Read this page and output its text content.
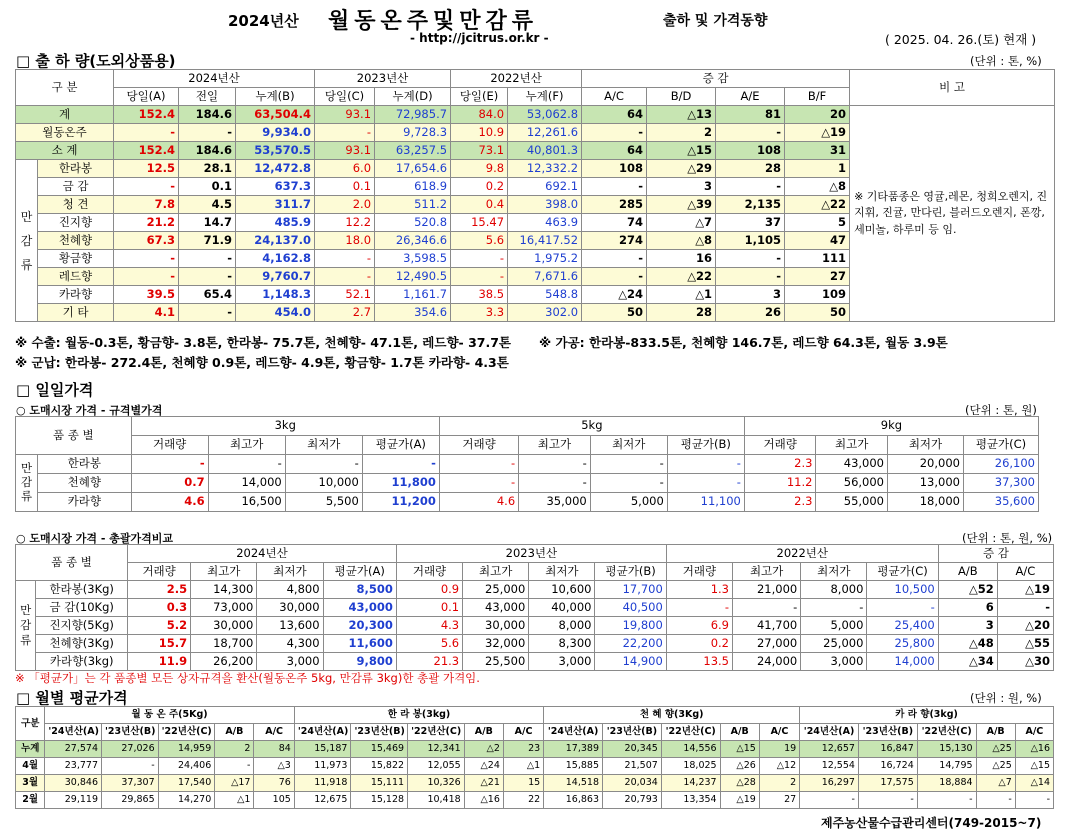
2024년산 월동온주및만감류	출하 및 가격동향
- http://jcitrus.or.kr -	( 2025. 04. 26.(토) 현재 )
□ 출 하 량(도외상품용)	(단위 : 톤, %)
구 분		2024년산			2023년산		2022년산		증 감				비 고
		당일(A)	전일	누계(B)	당일(C)	누계(D)	당일(E)	누계(F)	A/C	B/D	A/E	B/F	
계		152.4	184.6	63,504.4	93.1	72,985.7	84.0	53,062.8	64	△13	81	20	※ 기타품종은 영귤,레몬, 청희오렌지, 진지휘, 진귤, 만다린, 블러드오렌지, 폰깡,세미놀, 하루미 등 임.
월동온주		-	-	9,934.0	-	9,728.3	10.9	12,261.6	-	2	-	△19	
소 계		152.4	184.6	53,570.5	93.1	63,257.5	73.1	40,801.3	64	△15	108	31	
만

감

류	한라봉	12.5	28.1	12,472.8	6.0	17,654.6	9.8	12,332.2	108	△29	28	1	
	금 감	-	0.1	637.3	0.1	618.9	0.2	692.1	-	3	-	△8	
	청 견	7.8	4.5	311.7	2.0	511.2	0.4	398.0	285	△39	2,135	△22	
	진지향	21.2	14.7	485.9	12.2	520.8	15.47	463.9	74	△7	37	5	
	천혜향	67.3	71.9	24,137.0	18.0	26,346.6	5.6	16,417.52	274	△8	1,105	47	
	황금향	-	-	4,162.8	-	3,598.5	-	1,975.2	-	16	-	111	
	레드향	-	-	9,760.7	-	12,490.5	-	7,671.6	-	△22	-	27	
	카라향	39.5	65.4	1,148.3	52.1	1,161.7	38.5	548.8	△24	△1	3	109	
	기 타	4.1	-	454.0	2.7	354.6	3.3	302.0	50	28	26	50	
※ 수출: 월동-0.3톤, 황금향- 3.8톤, 한라봉- 75.7톤, 천혜향- 47.1톤, 레드향- 37.7톤 ※ 가공: 한라봉-833.5톤, 천혜향 146.7톤, 레드향 64.3톤, 월동 3.9톤
※ 군납: 한라봉- 272.4톤, 천혜향 0.9톤, 레드향- 4.9톤, 황금향- 1.7톤 카라향- 4.3톤
□ 일일가격
○ 도매시장 가격 - 규격별가격	(단위 : 톤, 원)
품 종 별		3kg				5kg				9kg			
		거래량	최고가	최저가	평균가(A)	거래량	최고가	최저가	평균가(B)	거래량	최고가	최저가	평균가(C)
만
감
류	한라봉	-	-	-	-	-	-	-	-	2.3	43,000	20,000	26,100
	천혜향	0.7	14,000	10,000	11,800	-	-	-	-	11.2	56,000	13,000	37,300
	카라향	4.6	16,500	5,500	11,200	4.6	35,000	5,000	11,100	2.3	55,000	18,000	35,600
○ 도매시장 가격 - 총괄가격비교	(단위 : 톤, 원, %)
품 종 별		2024년산				2023년산				2022년산				증 감	
		거래량	최고가	최저가	평균가(A)	거래량	최고가	최저가	평균가(B)	거래량	최고가	최저가	평균가(C)	A/B	A/C
만
감
류	한라봉(3Kg)	2.5	14,300	4,800	8,500	0.9	25,000	10,600	17,700	1.3	21,000	8,000	10,500	△52	△19
	금 감(10Kg)	0.3	73,000	30,000	43,000	0.1	43,000	40,000	40,500	-	-	-	-	6	-
	진지향(5Kg)	5.2	30,000	13,600	20,300	4.3	30,000	8,000	19,800	6.9	41,700	5,000	25,400	3	△20
	천혜향(3Kg)	15.7	18,700	4,300	11,600	5.6	32,000	8,300	22,200	0.2	27,000	25,000	25,800	△48	△55
	카라향(3kg)	11.9	26,200	3,000	9,800	21.3	25,500	3,000	14,900	13.5	24,000	3,000	14,000	△34	△30
※ 「평균가」는 각 품종별 모든 상자규격을 환산(월동온주 5kg, 만감류 3kg)한 총괄 가격임.
□ 월별 평균가격	(단위 : 원, %)
구분	월 동 온 주(5Kg)					한 라 봉(3kg)					천 혜 향(3Kg)					카 라 향(3kg)				
	'24년산(A)	'23년산(B)	'22년산(C)	A/B	A/C	'24년산(A)	'23년산(B)	'22년산(C)	A/B	A/C	'24년산(A)	'23년산(B)	'22년산(C)	A/B	A/C	'24년산(A)	'23년산(B)	'22년산(C)	A/B	A/C
누계	27,574	27,026	14,959	2	84	15,187	15,469	12,341	△2	23	17,389	20,345	14,556	△15	19	12,657	16,847	15,130	△25	△16
4월	23,777	-	24,406	-	△3	11,973	15,822	12,055	△24	△1	15,885	21,507	18,025	△26	△12	12,554	16,724	14,795	△25	△15
3월	30,846	37,307	17,540	△17	76	11,918	15,111	10,326	△21	15	14,518	20,034	14,237	△28	2	16,297	17,575	18,884	△7	△14
2월	29,119	29,865	14,270	△1	105	12,675	15,128	10,418	△16	22	16,863	20,793	13,354	△19	27	-	-	-	-	-
제주농산물수급관리센터(749-2015~7)
